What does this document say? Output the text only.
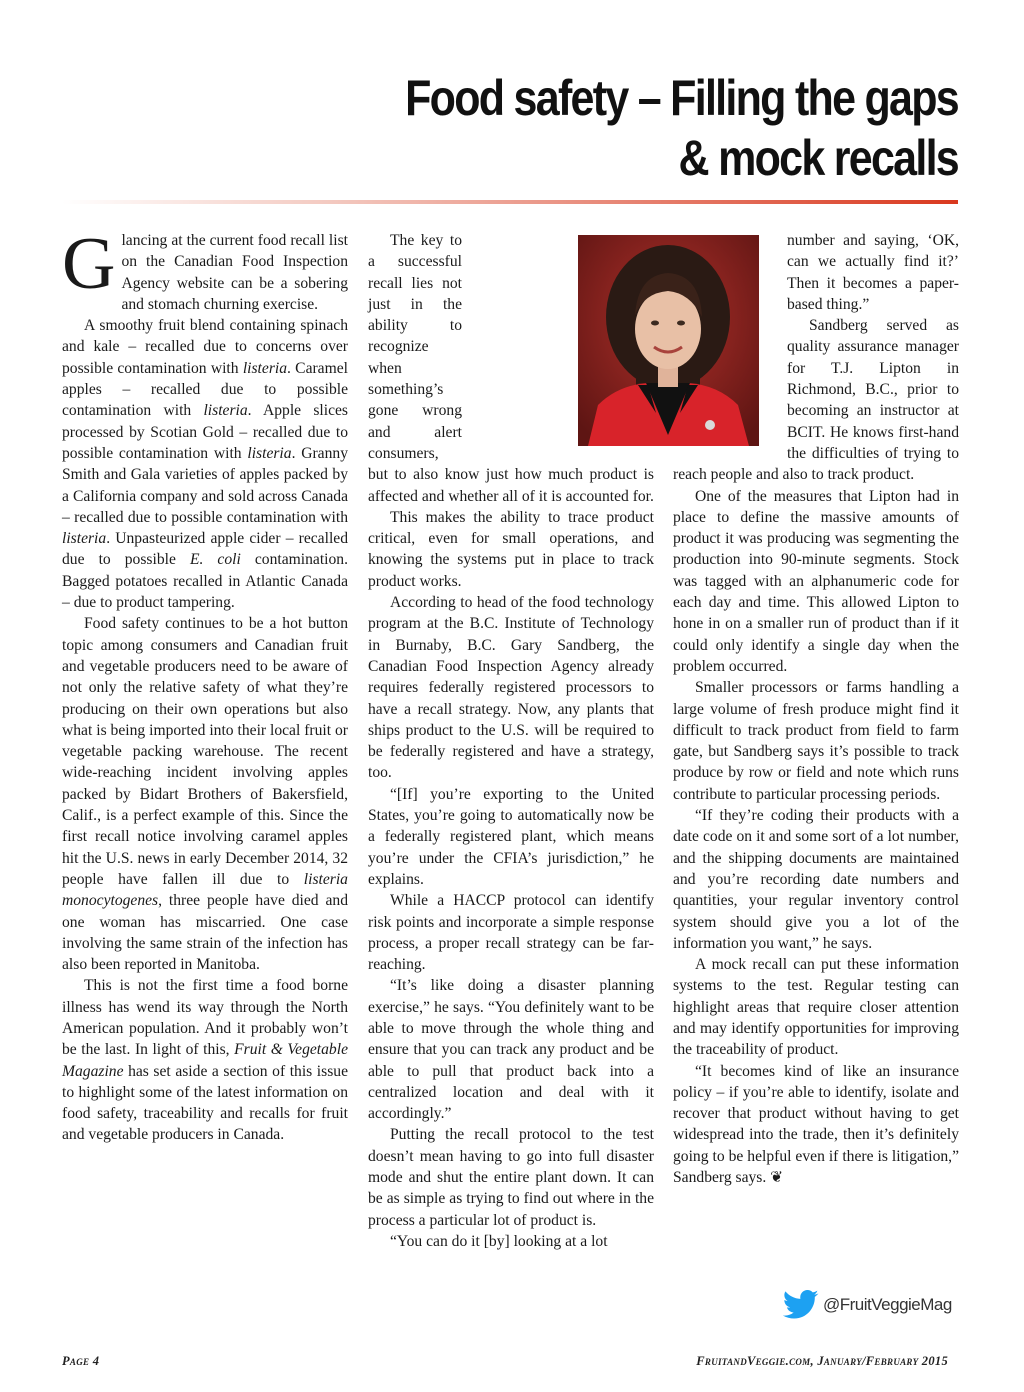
Food safety – Filling the gaps
& mock recalls

Glancing at the current food recall list on the Canadian Food Inspection Agency website can be a sobering and stomach churning exercise.

A smoothy fruit blend containing spinach and kale – recalled due to concerns over possible contamination with listeria. Caramel apples – recalled due to possible contamination with listeria. Apple slices processed by Scotian Gold – recalled due to possible contamination with listeria. Granny Smith and Gala varieties of apples packed by a California company and sold across Canada – recalled due to possible contamination with listeria. Unpasteurized apple cider – recalled due to possible E. coli contamination. Bagged potatoes recalled in Atlantic Canada – due to product tampering.

Food safety continues to be a hot button topic among consumers and Canadian fruit and vegetable producers need to be aware of not only the relative safety of what they’re producing on their own operations but also what is being imported into their local fruit or vegetable packing warehouse. The recent wide-reaching incident involving apples packed by Bidart Brothers of Bakersfield, Calif., is a perfect example of this. Since the first recall notice involving caramel apples hit the U.S. news in early December 2014, 32 people have fallen ill due to listeria monocytogenes, three people have died and one woman has miscarried. One case involving the same strain of the infection has also been reported in Manitoba.

This is not the first time a food borne illness has wend its way through the North American population. And it probably won’t be the last. In light of this, Fruit & Vegetable Magazine has set aside a section of this issue to highlight some of the latest information on food safety, traceability and recalls for fruit and vegetable producers in Canada.

The key to a successful recall lies not just in the ability to recognize when something’s gone wrong and alert consumers, but to also know just how much product is affected and whether all of it is accounted for.

This makes the ability to trace product critical, even for small operations, and knowing the systems put in place to track product works.

According to head of the food technology program at the B.C. Institute of Technology in Burnaby, B.C. Gary Sandberg, the Canadian Food Inspection Agency already requires federally registered processors to have a recall strategy. Now, any plants that ships product to the U.S. will be required to be federally registered and have a strategy, too.

“[If] you’re exporting to the United States, you’re going to automatically now be a federally registered plant, which means you’re under the CFIA’s jurisdiction,” he explains.

While a HACCP protocol can identify risk points and incorporate a simple response process, a proper recall strategy can be far-reaching.

“It’s like doing a disaster planning exercise,” he says. “You definitely want to be able to move through the whole thing and ensure that you can track any product and be able to pull that product back into a centralized location and deal with it accordingly.”

Putting the recall protocol to the test doesn’t mean having to go into full disaster mode and shut the entire plant down. It can be as simple as trying to find out where in the process a particular lot of product is.

“You can do it [by] looking at a lot

number and saying, ‘OK, can we actually find it?’ Then it becomes a paper-based thing.”

Sandberg served as quality assurance manager for T.J. Lipton in Richmond, B.C., prior to becoming an instructor at BCIT. He knows first-hand the difficulties of trying to reach people and also to track product.

One of the measures that Lipton had in place to define the massive amounts of product it was producing was segmenting the production into 90-minute segments. Stock was tagged with an alphanumeric code for each day and time. This allowed Lipton to hone in on a smaller run of product than if it could only identify a single day when the problem occurred.

Smaller processors or farms handling a large volume of fresh produce might find it difficult to track product from field to farm gate, but Sandberg says it’s possible to track produce by row or field and note which runs contribute to particular processing periods.

“If they’re coding their products with a date code on it and some sort of a lot number, and the shipping documents are maintained and you’re recording date numbers and quantities, your regular inventory control system should give you a lot of the information you want,” he says.

A mock recall can put these information systems to the test. Regular testing can highlight areas that require closer attention and may identify opportunities for improving the traceability of product.

“It becomes kind of like an insurance policy – if you’re able to identify, isolate and recover that product without having to get widespread into the trade, then it’s definitely going to be helpful even if there is litigation,” Sandberg says. ❦

@FruitVeggieMag
Page 4	FruitandVeggie.com, January/February 2015
